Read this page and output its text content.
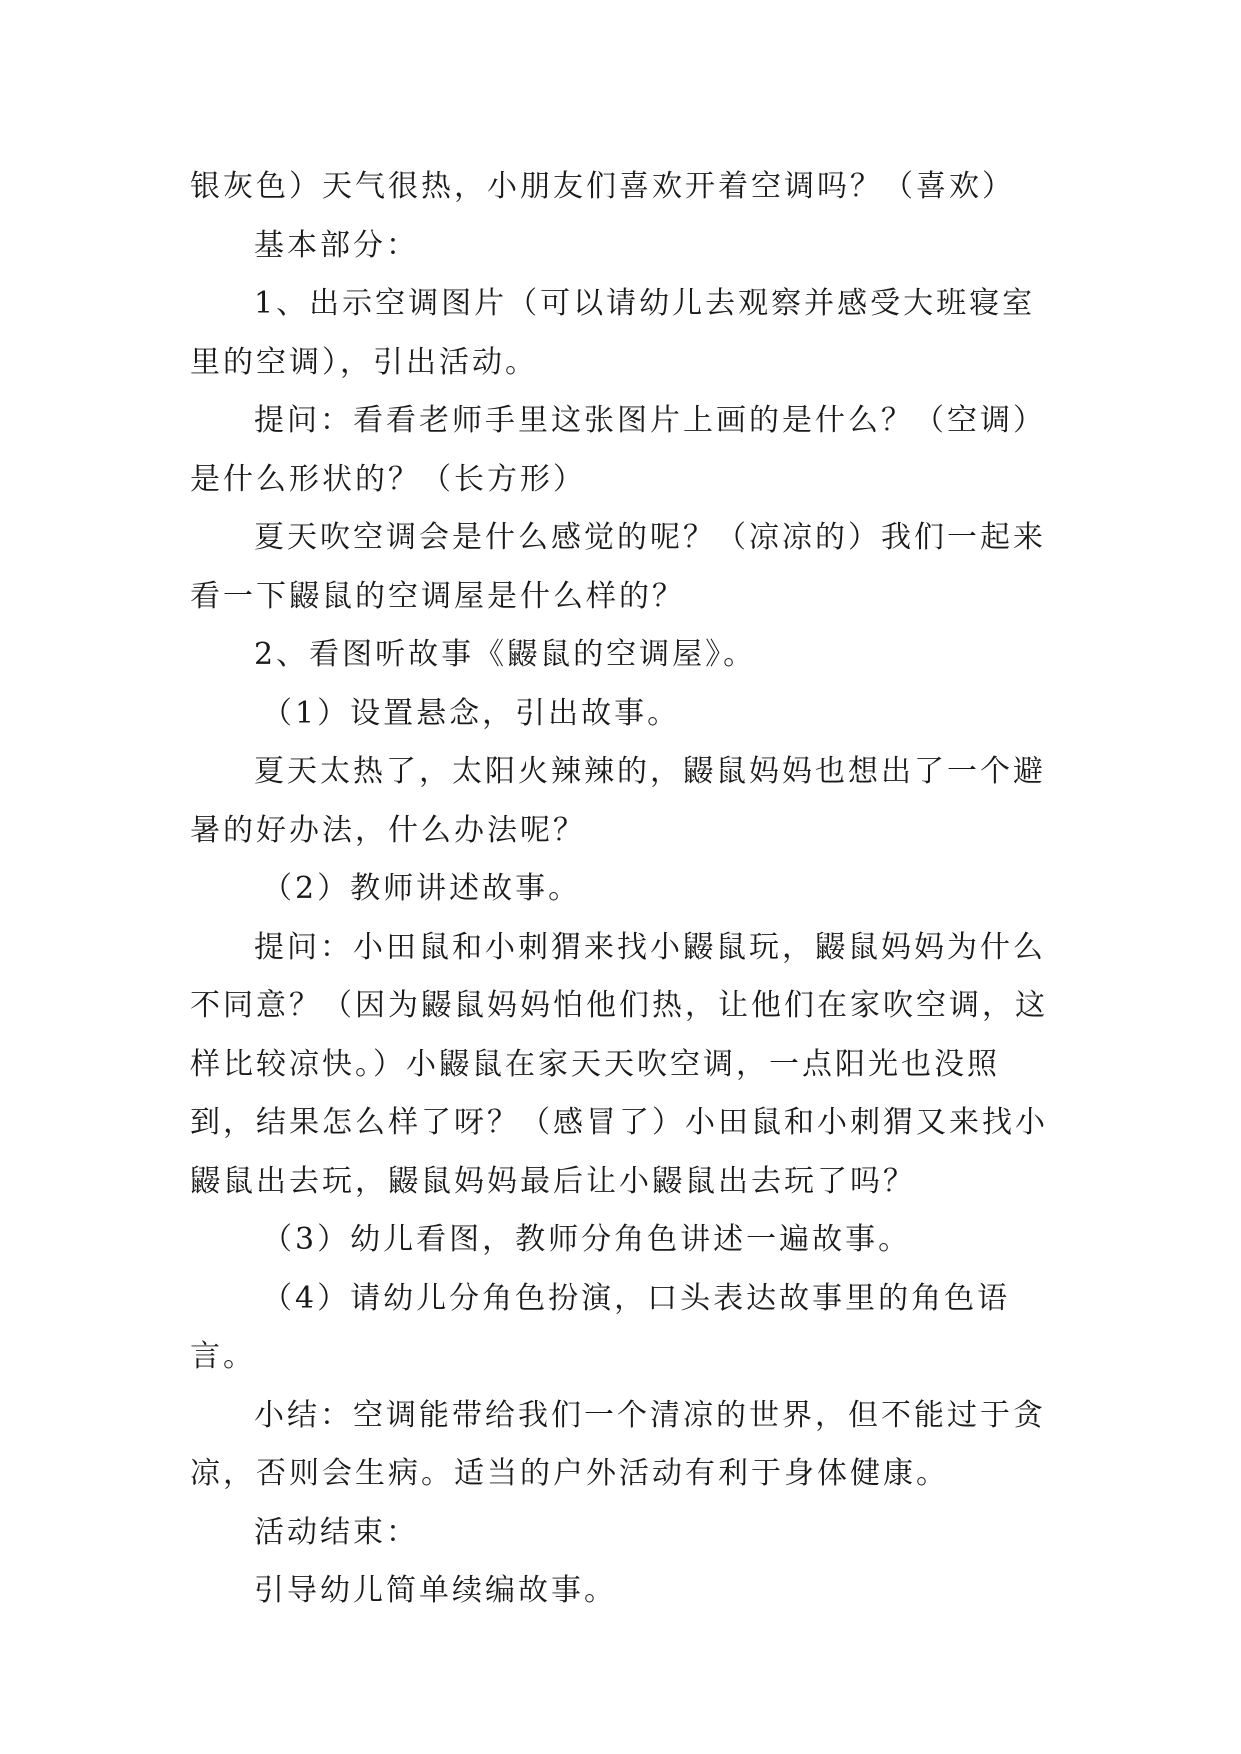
银灰色）天气很热，小朋友们喜欢开着空调吗？（喜欢）

基本部分：

1、出示空调图片（可以请幼儿去观察并感受大班寝室里的空调），引出活动。

提问：看看老师手里这张图片上画的是什么？（空调）是什么形状的？（长方形）

夏天吹空调会是什么感觉的呢？（凉凉的）我们一起来看一下鼹鼠的空调屋是什么样的？

2、看图听故事《鼹鼠的空调屋》。

（1）设置悬念，引出故事。

夏天太热了，太阳火辣辣的，鼹鼠妈妈也想出了一个避暑的好办法，什么办法呢？

（2）教师讲述故事。

提问：小田鼠和小刺猬来找小鼹鼠玩，鼹鼠妈妈为什么不同意？（因为鼹鼠妈妈怕他们热，让他们在家吹空调，这样比较凉快。）小鼹鼠在家天天吹空调，一点阳光也没照到，结果怎么样了呀？（感冒了）小田鼠和小刺猬又来找小鼹鼠出去玩，鼹鼠妈妈最后让小鼹鼠出去玩了吗？

（3）幼儿看图，教师分角色讲述一遍故事。

（4）请幼儿分角色扮演，口头表达故事里的角色语言。

小结：空调能带给我们一个清凉的世界，但不能过于贪凉，否则会生病。适当的户外活动有利于身体健康。

活动结束：

引导幼儿简单续编故事。
